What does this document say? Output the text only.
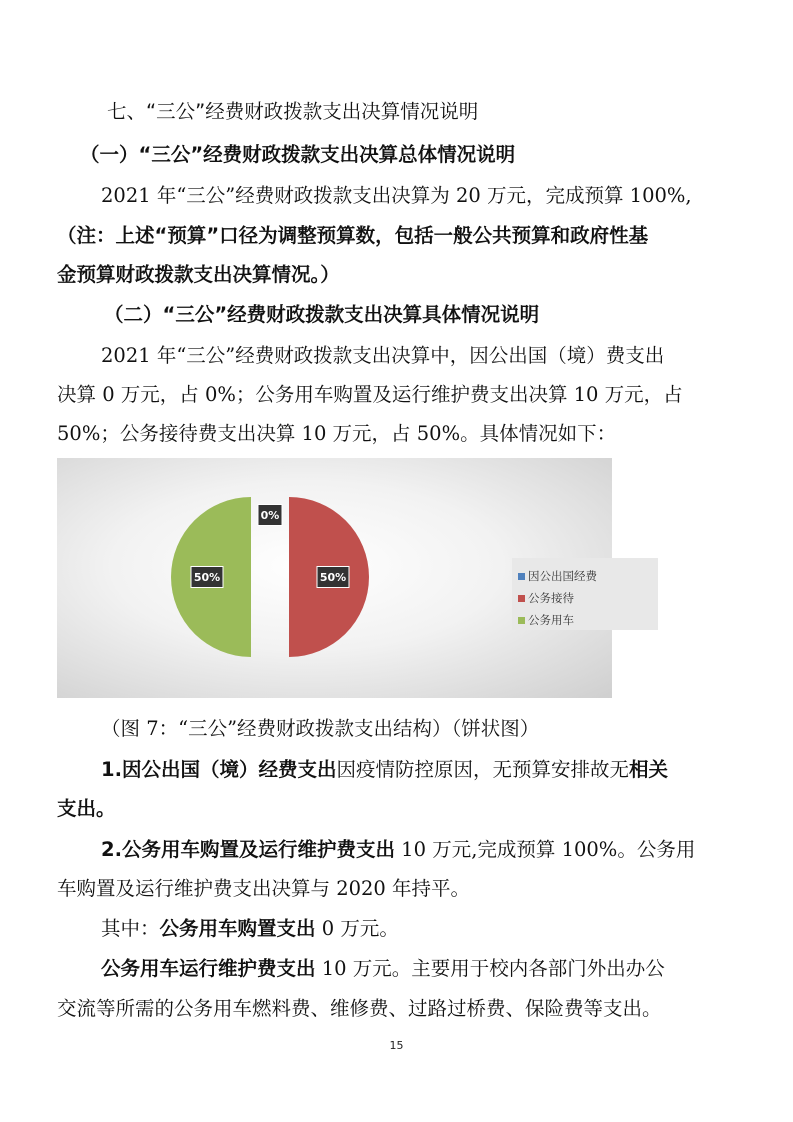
七、“三公”经费财政拨款支出决算情况说明
（一）“三公”经费财政拨款支出决算总体情况说明
2021 年“三公”经费财政拨款支出决算为 20 万元，完成预算 100%,
（注：上述“预算”口径为调整预算数，包括一般公共预算和政府性基
金预算财政拨款支出决算情况。）
（二）“三公”经费财政拨款支出决算具体情况说明
2021 年“三公”经费财政拨款支出决算中，因公出国（境）费支出
决算 0 万元，占 0%；公务用车购置及运行维护费支出决算 10 万元，占
50%；公务接待费支出决算 10 万元，占 50%。具体情况如下：
0%
50%
50%	因公出国经费
公务接待
公务用车
（图 7：“三公”经费财政拨款支出结构）（饼状图）
1.因公出国（境）经费支出因疫情防控原因，无预算安排故无相关
支出。
2.公务用车购置及运行维护费支出 10 万元,完成预算 100%。公务用
车购置及运行维护费支出决算与 2020 年持平。
其中：公务用车购置支出 0 万元。
公务用车运行维护费支出 10 万元。主要用于校内各部门外出办公
交流等所需的公务用车燃料费、维修费、过路过桥费、保险费等支出。
15
